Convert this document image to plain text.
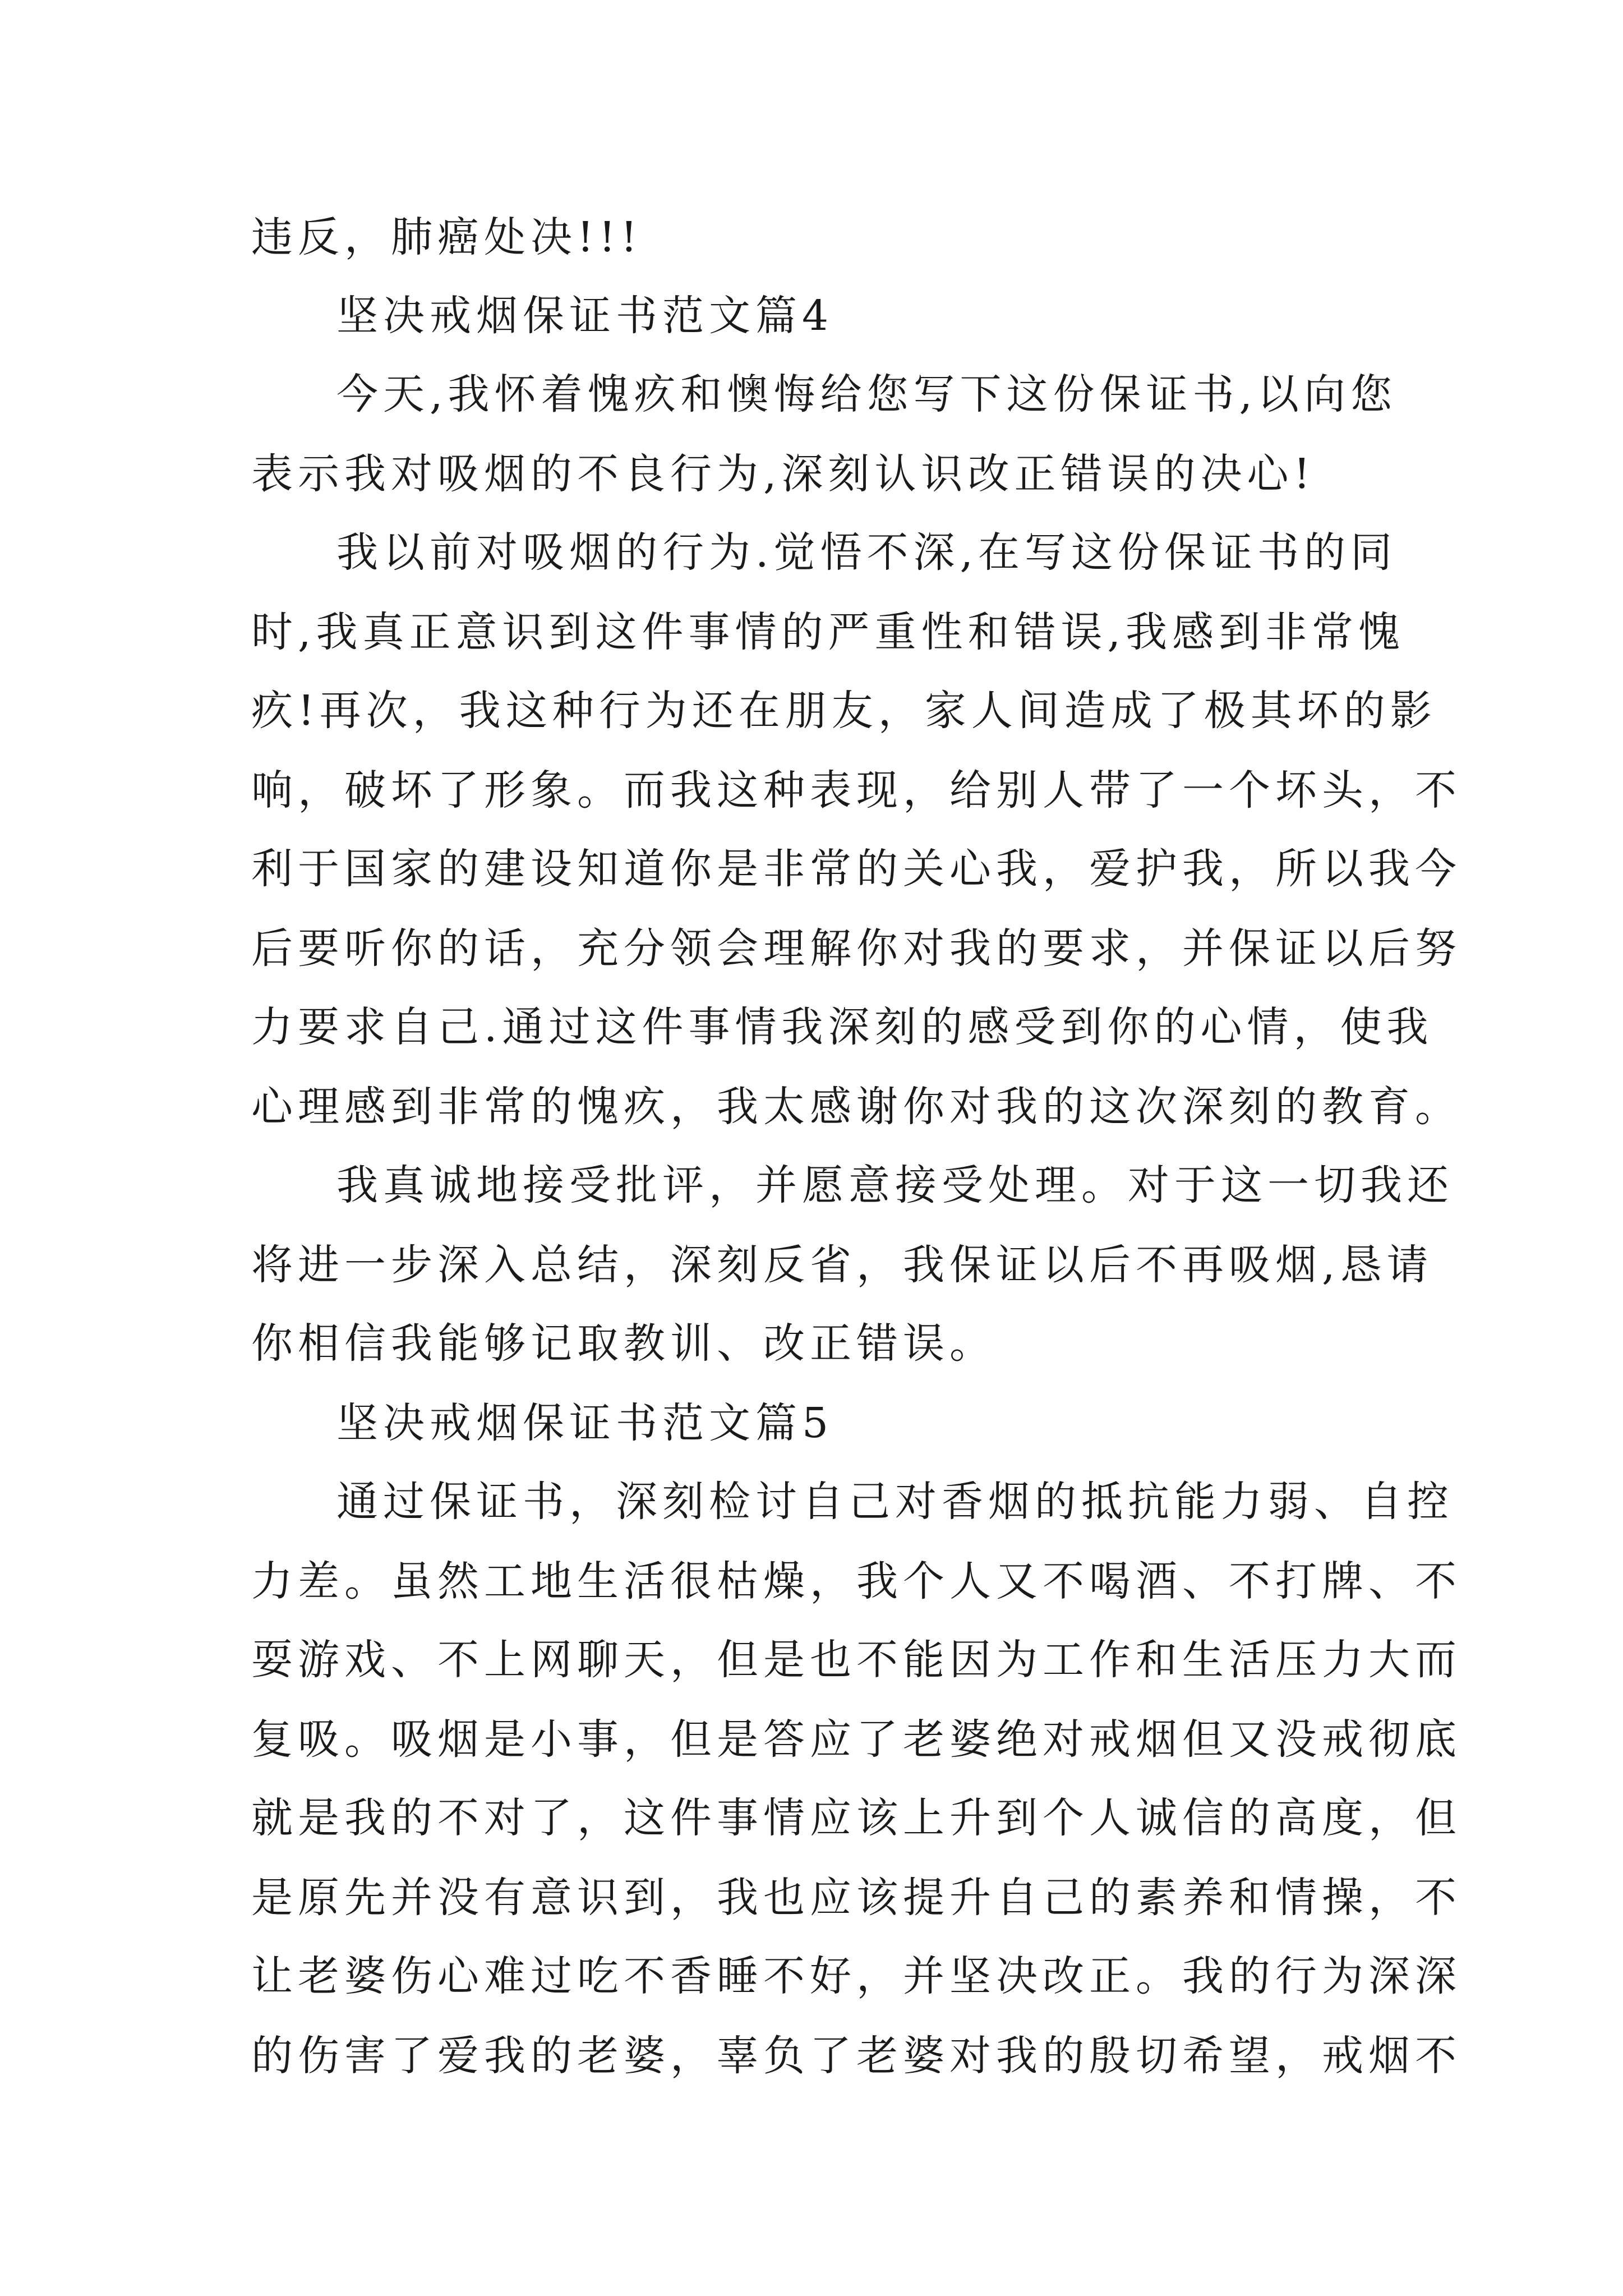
违反，肺癌处决!!!
坚决戒烟保证书范文篇4
今天,我怀着愧疚和懊悔给您写下这份保证书,以向您
表示我对吸烟的不良行为,深刻认识改正错误的决心!
我以前对吸烟的行为.觉悟不深,在写这份保证书的同
时,我真正意识到这件事情的严重性和错误,我感到非常愧
疚!再次，我这种行为还在朋友，家人间造成了极其坏的影
响，破坏了形象。而我这种表现，给别人带了一个坏头，不
利于国家的建设知道你是非常的关心我，爱护我，所以我今
后要听你的话，充分领会理解你对我的要求，并保证以后努
力要求自己.通过这件事情我深刻的感受到你的心情，使我
心理感到非常的愧疚，我太感谢你对我的这次深刻的教育。
我真诚地接受批评，并愿意接受处理。对于这一切我还
将进一步深入总结，深刻反省，我保证以后不再吸烟,恳请
你相信我能够记取教训、改正错误。
坚决戒烟保证书范文篇5
通过保证书，深刻检讨自己对香烟的抵抗能力弱、自控
力差。虽然工地生活很枯燥，我个人又不喝酒、不打牌、不
耍游戏、不上网聊天，但是也不能因为工作和生活压力大而
复吸。吸烟是小事，但是答应了老婆绝对戒烟但又没戒彻底
就是我的不对了，这件事情应该上升到个人诚信的高度，但
是原先并没有意识到，我也应该提升自己的素养和情操，不
让老婆伤心难过吃不香睡不好，并坚决改正。我的行为深深
的伤害了爱我的老婆，辜负了老婆对我的殷切希望，戒烟不
